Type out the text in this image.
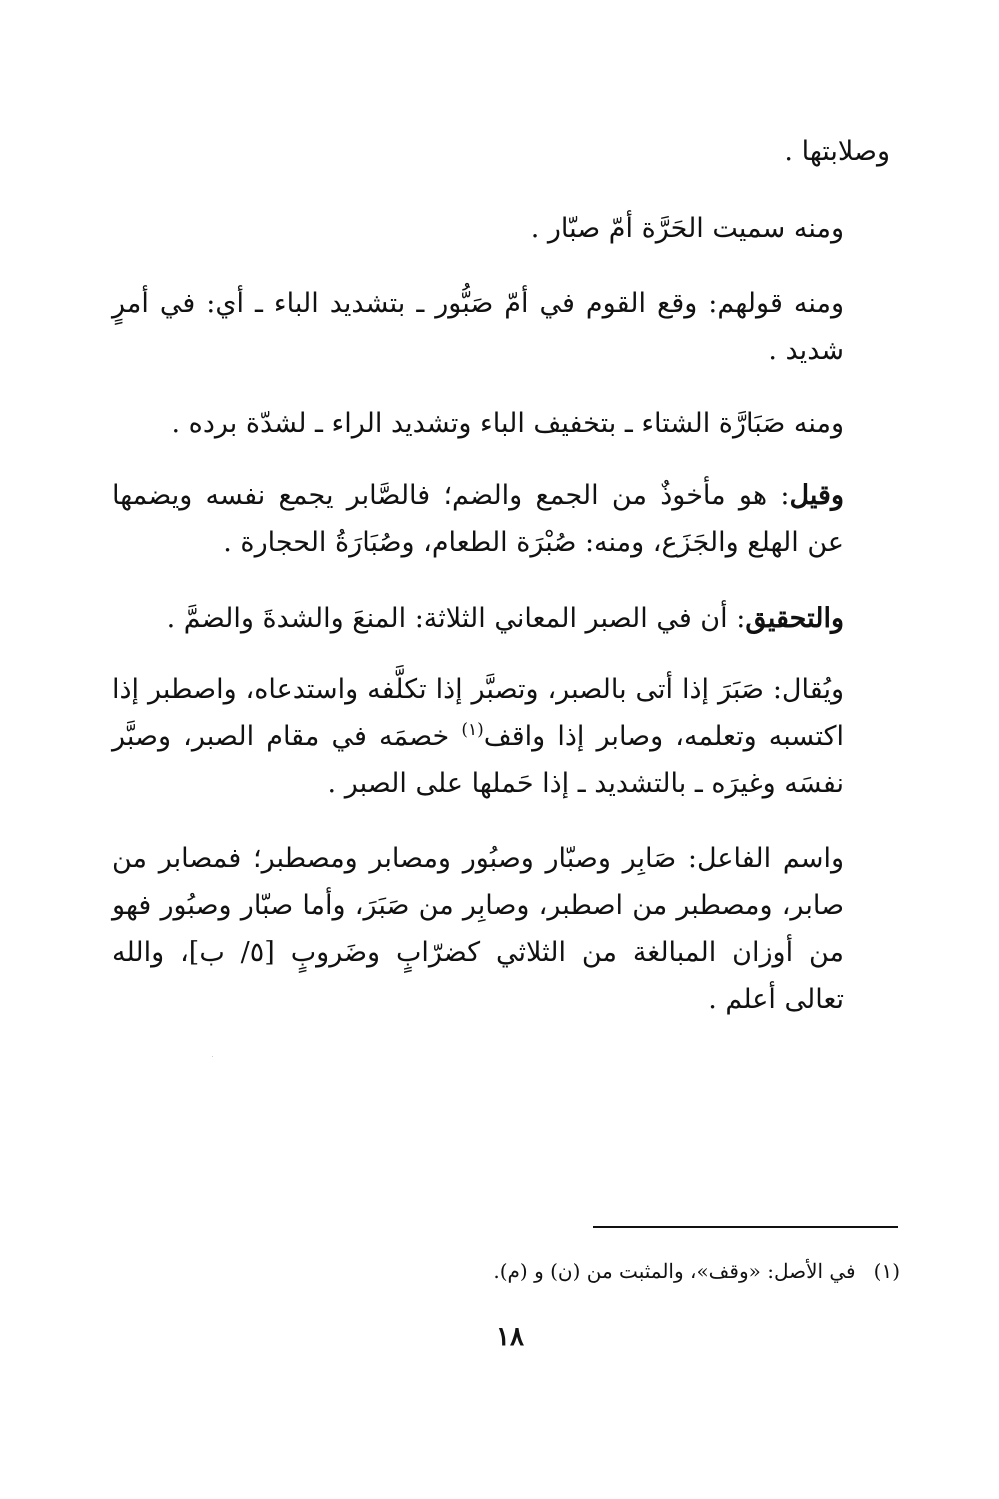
وصلابتها .

ومنه سميت الحَرَّة أمّ صبّار .

ومنه قولهم: وقع القوم في أمّ صَبُّور ـ بتشديد الباء ـ أي: في أمرٍ شديد .

ومنه صَبَارَّة الشتاء ـ بتخفيف الباء وتشديد الراء ـ لشدّة برده .

وقيل: هو مأخوذٌ من الجمع والضم؛ فالصَّابر يجمع نفسه ويضمها عن الهلع والجَزَع، ومنه: صُبْرَة الطعام، وصُبَارَةُ الحجارة .

والتحقيق: أن في الصبر المعاني الثلاثة: المنعَ والشدةَ والضمَّ .

ويُقال: صَبَرَ إذا أتى بالصبر، وتصبَّر إذا تكلَّفه واستدعاه، واصطبر إذا اكتسبه وتعلمه، وصابر إذا واقف$^{(١)}$ خصمَه في مقام الصبر، وصبَّر نفسَه وغيرَه ـ بالتشديد ـ إذا حَملها على الصبر .

واسم الفاعل: صَابِر وصبّار وصبُور ومصابر ومصطبر؛ فمصابر من صابر، ومصطبر من اصطبر، وصابِر من صَبَرَ، وأما صبّار وصبُور فهو من أوزان المبالغة من الثلاثي كضرّابٍ وضَروبٍ [٥/ ب]، والله تعالى أعلم .

(١)في الأصل: «وقف»، والمثبت من (ن) و (م).
١٨
